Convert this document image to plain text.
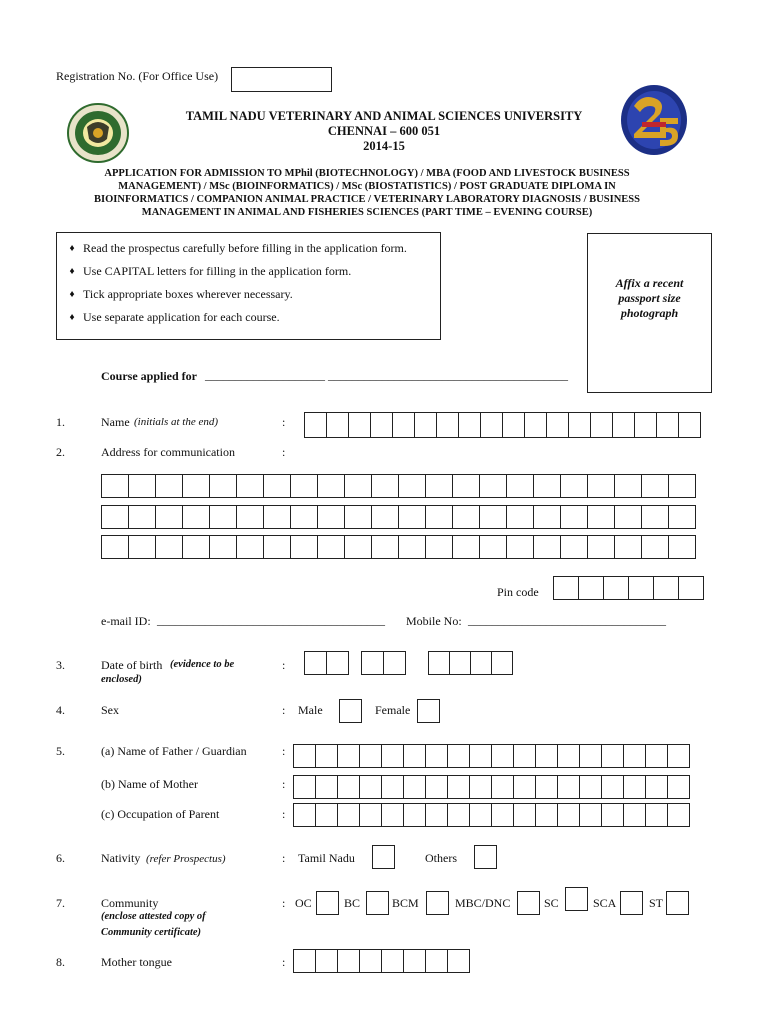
Registration No. (For Office Use)
TAMIL NADU VETERINARY AND ANIMAL SCIENCES UNIVERSITY
CHENNAI – 600 051
2014-15
APPLICATION FOR ADMISSION TO MPhil (BIOTECHNOLOGY) / MBA (FOOD AND LIVESTOCK BUSINESS
MANAGEMENT) / MSc (BIOINFORMATICS) / MSc (BIOSTATISTICS) / POST GRADUATE DIPLOMA IN
BIOINFORMATICS / COMPANION ANIMAL PRACTICE / VETERINARY LABORATORY DIAGNOSIS / BUSINESS
MANAGEMENT IN ANIMAL AND FISHERIES SCIENCES (PART TIME – EVENING COURSE)
♦ Read the prospectus carefully before filling in the application form.
♦ Use CAPITAL letters for filling in the application form.
♦ Tick appropriate boxes wherever necessary.
♦ Use separate application for each course.
Affix a recent
passport size
photograph
Course applied for ____________________ ________________________________________
1.	Name (initials at the end)	:
2.	Address for communication	:
Pin code
e-mail ID: ______________________________________ Mobile No: _________________________________
3.	Date of birth (evidence to be
enclosed)
:
4.	Sex	: Male	Female
5.	(a) Name of Father / Guardian	:
(b) Name of Mother	:
(c) Occupation of Parent	:
6.	Nativity (refer Prospectus)	: Tamil Nadu	Others
7.	Community
(enclose attested copy of
Community certificate)
: OC	BC	BCM	MBC/DNC	SC	SCA	ST
8.	Mother tongue	:
